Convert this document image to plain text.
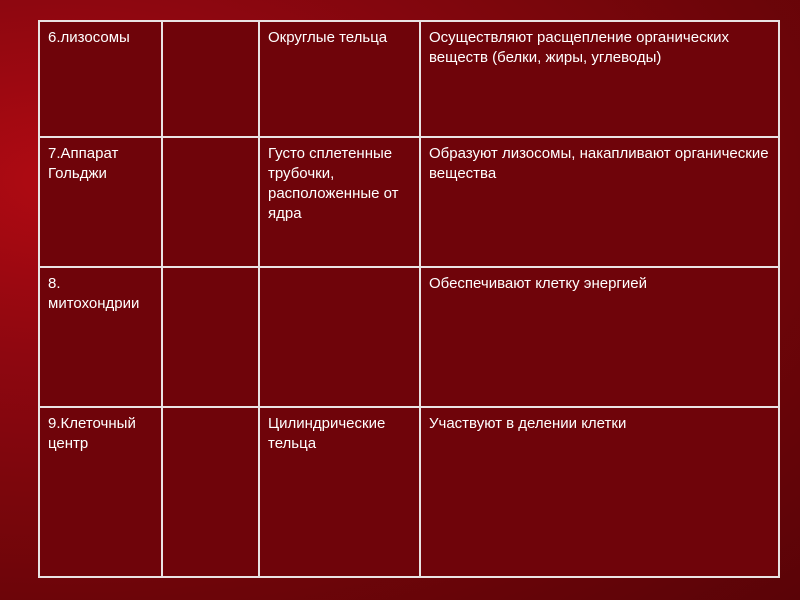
6.лизосомы		Округлые тельца	Осуществляют расщепление органических веществ (белки, жиры, углеводы)
7.Аппарат Гольджи		Густо сплетенные трубочки, расположенные от ядра	Образуют лизосомы, накапливают органические вещества
8. митохондрии			Обеспечивают клетку энергией
9.Клеточный центр		Цилиндрические тельца	Участвуют в делении клетки
